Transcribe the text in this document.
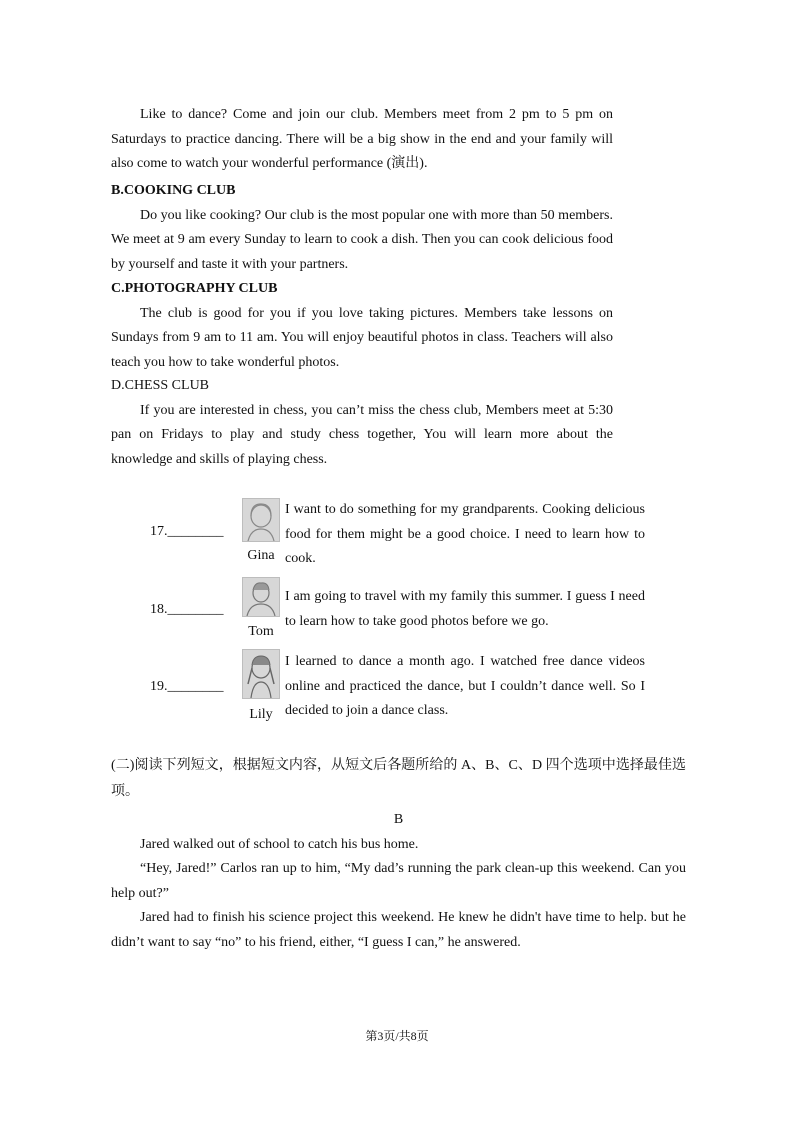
Like to dance? Come and join our club. Members meet from 2 pm to 5 pm on Saturdays to practice dancing. There will be a big show in the end and your family will also come to watch your wonderful performance (演出).

B.COOKING CLUB

Do you like cooking? Our club is the most popular one with more than 50 members. We meet at 9 am every Sunday to learn to cook a dish. Then you can cook delicious food by yourself and taste it with your partners.

C.PHOTOGRAPHY CLUB

The club is good for you if you love taking pictures. Members take lessons on Sundays from 9 am to 11 am. You will enjoy beautiful photos in class. Teachers will also teach you how to take wonderful photos.

D.CHESS CLUB

If you are interested in chess, you can’t miss the chess club, Members meet at 5:30 pan on Fridays to play and study chess together, You will learn more about the knowledge and skills of playing chess.

17.________
Gina
I want to do something for my grandparents. Cooking delicious food for them might be a good choice. I need to learn how to cook.
18.________
Tom
I am going to travel with my family this summer. I guess I need to learn how to take good photos before we go.
19.________
Lily
I learned to dance a month ago. I watched free dance videos online and practiced the dance, but I couldn’t dance well. So I decided to join a dance class.

(二)阅读下列短文，根据短文内容，从短文后各题所给的 A、B、C、D 四个选项中选择最佳选项。

B

Jared walked out of school to catch his bus home.

“Hey, Jared!” Carlos ran up to him, “My dad’s running the park clean-up this weekend. Can you help out?”

Jared had to finish his science project this weekend. He knew he didn't have time to help. but he didn’t want to say “no” to his friend, either, “I guess I can,” he answered.

第3页/共8页
